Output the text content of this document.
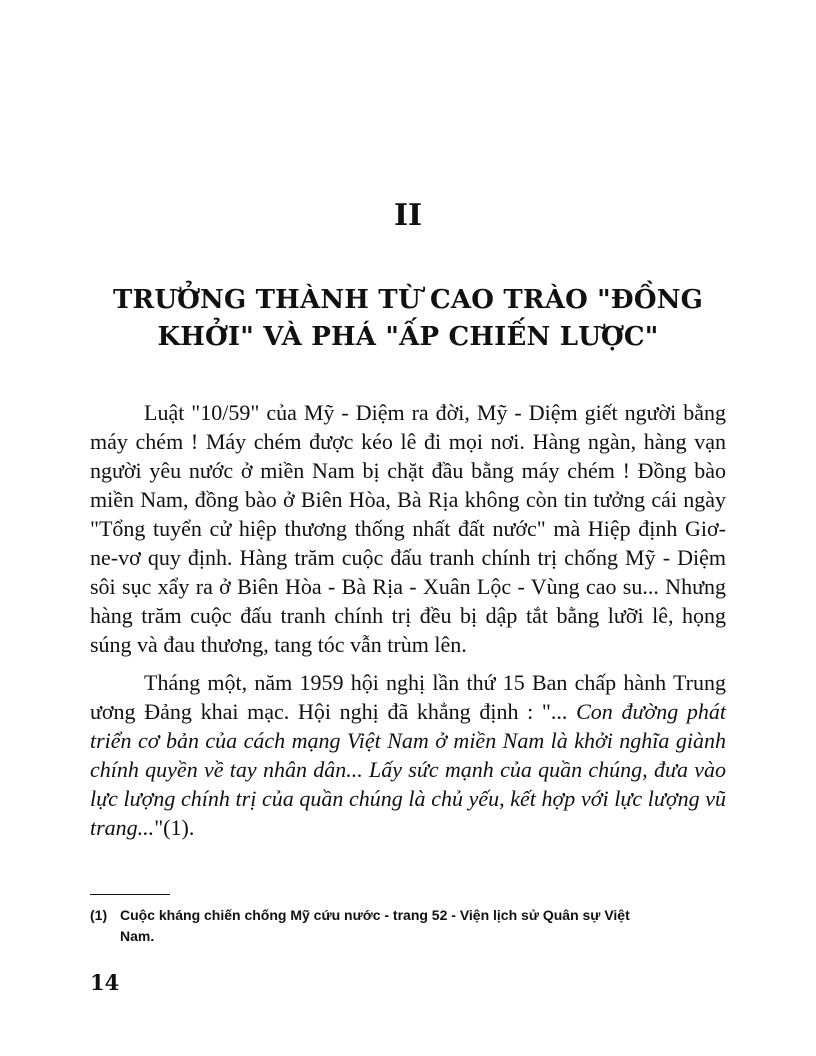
II
TRƯỞNG THÀNH TỪ CAO TRÀO "ĐỒNG
KHỞI" VÀ PHÁ "ẤP CHIẾN LƯỢC"

Luật "10/59" của Mỹ - Diệm ra đời, Mỹ - Diệm giết người bằng máy chém ! Máy chém được kéo lê đi mọi nơi. Hàng ngàn, hàng vạn người yêu nước ở miền Nam bị chặt đầu bằng máy chém ! Đồng bào miền Nam, đồng bào ở Biên Hòa, Bà Rịa không còn tin tưởng cái ngày "Tổng tuyển cử hiệp thương thống nhất đất nước" mà Hiệp định Giơ-ne-vơ quy định. Hàng trăm cuộc đấu tranh chính trị chống Mỹ - Diệm sôi sục xẩy ra ở Biên Hòa - Bà Rịa - Xuân Lộc - Vùng cao su... Nhưng hàng trăm cuộc đấu tranh chính trị đều bị dập tắt bằng lưỡi lê, họng súng và đau thương, tang tóc vẫn trùm lên.

Tháng một, năm 1959 hội nghị lần thứ 15 Ban chấp hành Trung ương Đảng khai mạc. Hội nghị đã khẳng định : "... Con đường phát triển cơ bản của cách mạng Việt Nam ở miền Nam là khởi nghĩa giành chính quyền về tay nhân dân... Lấy sức mạnh của quần chúng, đưa vào lực lượng chính trị của quần chúng là chủ yếu, kết hợp với lực lượng vũ trang..."(1).

(1) Cuộc kháng chiến chống Mỹ cứu nước - trang 52 - Viện lịch sử Quân sự Việt
Nam.
14
